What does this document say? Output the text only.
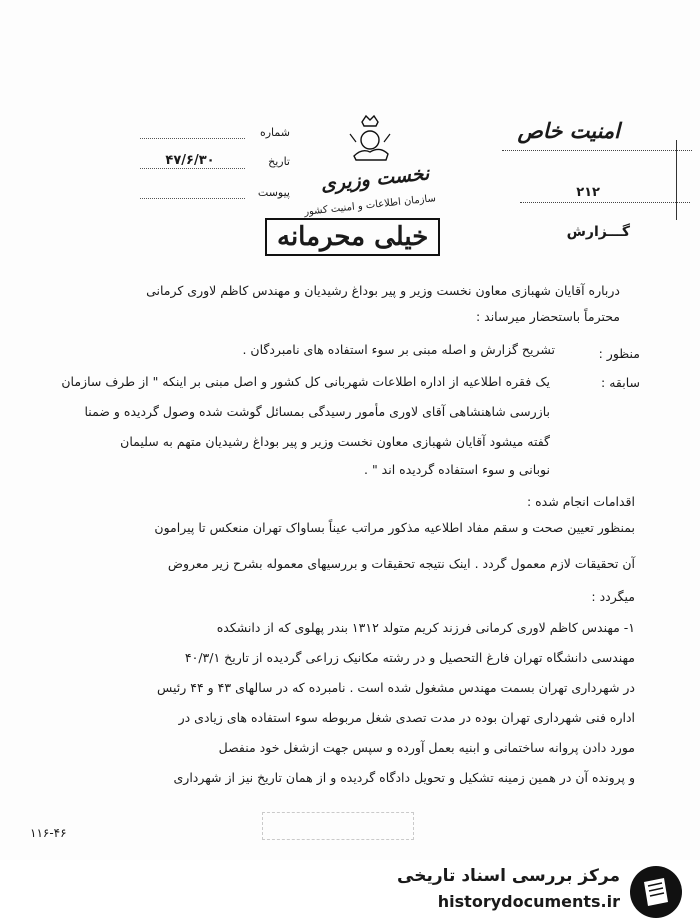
امنیت خاص
۲۱۲
گـــزارش
شماره
تاریخ
۴۷/۶/۳۰
پیوست نخست وزیری
سازمان اطلاعات و امنیت کشور
خیلی محرمانه
درباره آقایان شهبازی معاون نخست وزیر و پیر بوداغ رشیدیان و مهندس کاظم لاوری کرمانی
محترماً باستحضار میرساند :
منظور :
تشریح گزارش و اصله مبنی بر سوء استفاده های نامبردگان .
سابقه :
یک فقره اطلاعیه از اداره اطلاعات شهربانی کل کشور و اصل مبنی بر اینکه " از طرف سازمان
بازرسی شاهنشاهی آقای لاوری مأمور رسیدگی بمسائل گوشت شده وصول گردیده و ضمنا
گفته میشود آقایان شهبازی معاون نخست وزیر و پیر بوداغ رشیدیان متهم به سلیمان
نوبانی و سوء استفاده گردیده اند " .
اقدامات انجام شده :
بمنظور تعیین صحت و سقم مفاد اطلاعیه مذکور مراتب عیناً بساواک تهران منعکس تا پیرامون
آن تحقیقات لازم معمول گردد . اینک نتیجه تحقیقات و بررسیهای معموله بشرح زیر معروض
میگردد :
۱- مهندس کاظم لاوری کرمانی فرزند کریم متولد ۱۳۱۲ بندر پهلوی که از دانشکده
مهندسی دانشگاه تهران فارغ التحصیل و در رشته مکانیک زراعی گردیده از تاریخ ۴۰/۳/۱
در شهرداری تهران بسمت مهندس مشغول شده است . نامبرده که در سالهای ۴۳ و ۴۴ رئیس
اداره فنی شهرداری تهران بوده در مدت تصدی شغل مربوطه سوء استفاده های زیادی در
مورد دادن پروانه ساختمانی و ابنیه بعمل آورده و سپس جهت ازشغل خود منفصل
و پرونده آن در همین زمینه تشکیل و تحویل دادگاه گردیده و از همان تاریخ نیز از شهرداری
۱۱۶-۴۶
مرکز بررسی اسناد تاریخی
historydocuments.ir
